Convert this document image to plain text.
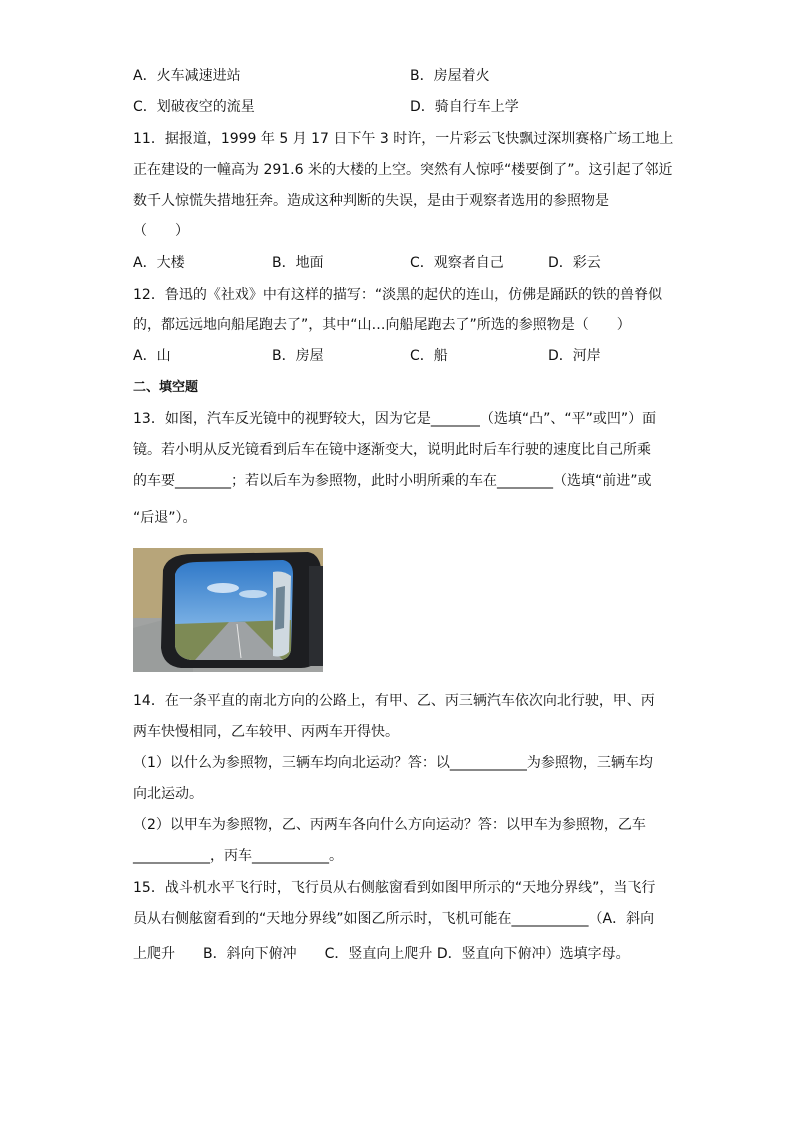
A．火车减速进站	B．房屋着火
C．划破夜空的流星	D．骑自行车上学
11．据报道，1999 年 5 月 17 日下午 3 时许，一片彩云飞快飘过深圳赛格广场工地上
正在建设的一幢高为 291.6 米的大楼的上空。突然有人惊呼“楼要倒了”。这引起了邻近
数千人惊慌失措地狂奔。造成这种判断的失误，是由于观察者选用的参照物是
（　　）
A．大楼	B．地面	C．观察者自己	D．彩云
12．鲁迅的《社戏》中有这样的描写：“淡黑的起伏的连山，仿佛是踊跃的铁的兽脊似
的，都远远地向船尾跑去了”，其中“山…向船尾跑去了”所选的参照物是（　　）
A．山	B．房屋	C．船	D．河岸
二、填空题
13．如图，汽车反光镜中的视野较大，因为它是_______（选填“凸”、“平”或凹”）面
镜。若小明从反光镜看到后车在镜中逐渐变大，说明此时后车行驶的速度比自己所乘
的车要________；若以后车为参照物，此时小明所乘的车在________（选填“前进”或
“后退”）。
14．在一条平直的南北方向的公路上，有甲、乙、丙三辆汽车依次向北行驶，甲、丙
两车快慢相同，乙车较甲、丙两车开得快。
（1）以什么为参照物，三辆车均向北运动？答：以___________为参照物，三辆车均
向北运动。
（2）以甲车为参照物，乙、丙两车各向什么方向运动？答：以甲车为参照物，乙车
___________，丙车___________。
15．战斗机水平飞行时，飞行员从右侧舷窗看到如图甲所示的“天地分界线”，当飞行
员从右侧舷窗看到的“天地分界线”如图乙所示时，飞机可能在___________（A．斜向
上爬升　　B．斜向下俯冲　　C．竖直向上爬升 D．竖直向下俯冲）选填字母。
